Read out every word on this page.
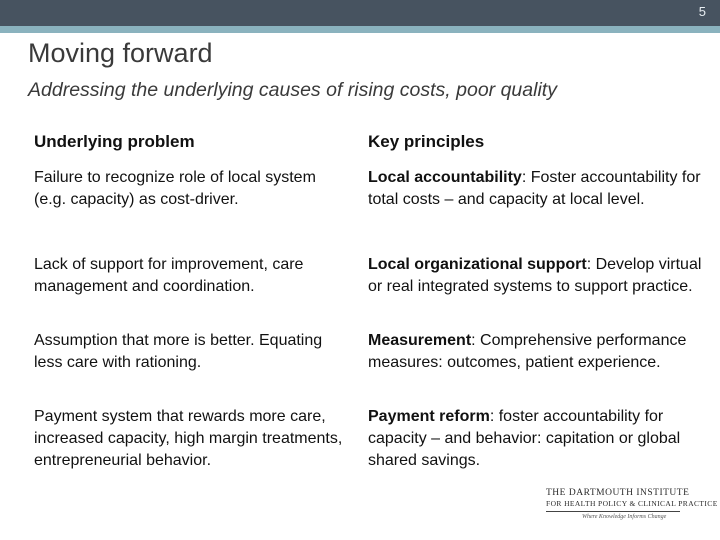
5
Moving forward
Addressing the underlying causes of rising costs, poor quality
Underlying problem	Key principles
Failure to recognize role of local system (e.g. capacity) as cost-driver.
Local accountability: Foster accountability for total costs – and capacity at local level.
Lack of support for improvement, care management and coordination.
Local organizational support: Develop virtual or real integrated systems to support practice.
Assumption that more is better. Equating less care with rationing.
Measurement: Comprehensive performance measures: outcomes, patient experience.
Payment system that rewards more care, increased capacity, high margin treatments, entrepreneurial behavior.
Payment reform: foster accountability for capacity – and behavior: capitation or global shared savings.
THE DARTMOUTH INSTITUTE
FOR HEALTH POLICY & CLINICAL PRACTICE
Where Knowledge Informs Change
